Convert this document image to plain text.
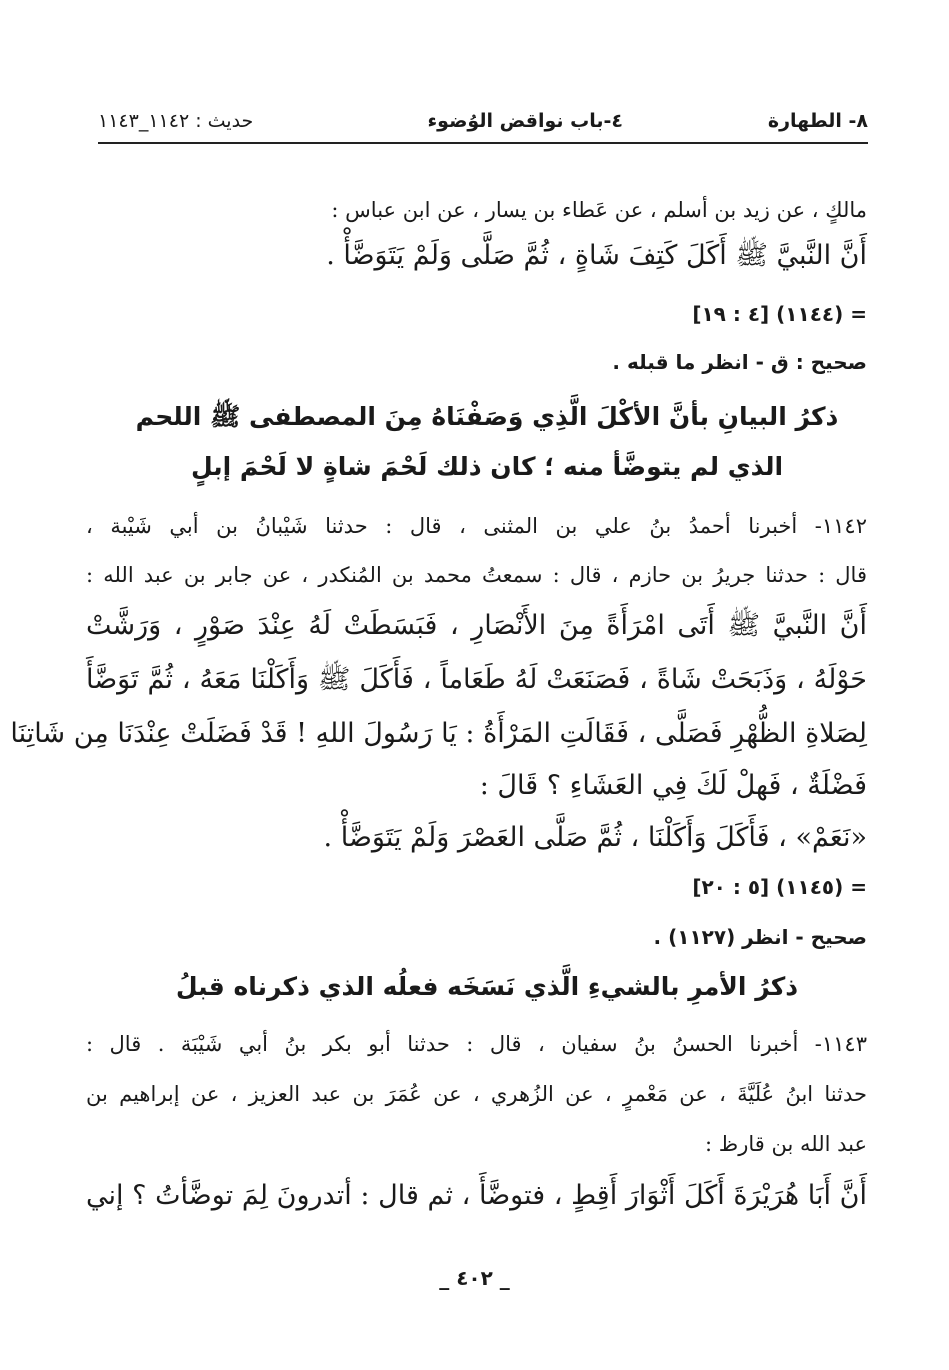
٨- الطهارة
٤-باب نواقض الوُضوء
حديث : ١١٤٢_١١٤٣
مالكٍ ، عن زيد بن أسلم ، عن عَطاء بن يسار ، عن ابن عباس :
أَنَّ النَّبيَّ ﷺ أَكَلَ كَتِفَ شَاةٍ ، ثُمَّ صَلَّى وَلَمْ يَتَوَضَّأْ .
= (١١٤٤) [٤ : ١٩]
صحيح : ق - انظر ما قبله .
ذكرُ البيانِ بأنَّ الأكْلَ الَّذِي وَصَفْنَاهُ مِنَ المصطفى ﷺ اللحم
الذي لم يتوضَّأ منه ؛ كان ذلك لَحْمَ شاةٍ لا لَحْمَ إبلٍ
١١٤٢- أخبرنا أحمدُ بنُ علي بن المثنى ، قال : حدثنا شَيْبانُ بن أبي شَيْبة ،
قال : حدثنا جريرُ بن حازم ، قال : سمعتُ محمد بن المُنكدر ، عن جابر بن عبد الله :
أَنَّ النَّبيَّ ﷺ أَتَى امْرَأَةً مِنَ الأَنْصَارِ ، فَبَسَطَتْ لَهُ عِنْدَ صَوْرٍ ، وَرَشَّتْ
حَوْلَهُ ، وَذَبَحَتْ شَاةً ، فَصَنَعَتْ لَهُ طَعَاماً ، فَأَكَلَ ﷺ وَأَكَلْنَا مَعَهُ ، ثُمَّ تَوَضَّأَ
لِصَلاةِ الظُّهْرِ فَصَلَّى ، فَقَالَتِ المَرْأَةُ : يَا رَسُولَ اللهِ ! قَدْ فَضَلَتْ عِنْدَنَا مِن شَاتِنَا
فَضْلَةٌ ، فَهلْ لَكَ فِي العَشَاءِ ؟ قَالَ :
«نَعَمْ» ، فَأَكَلَ وَأَكَلْنَا ، ثُمَّ صَلَّى العَصْرَ وَلَمْ يَتَوَضَّأْ .
= (١١٤٥) [٥ : ٢٠]
صحيح - انظر (١١٢٧) .
ذكرُ الأمرِ بالشيءِ الَّذي نَسَخَه فعلُه الذي ذكرناه قبلُ
١١٤٣- أخبرنا الحسنُ بنُ سفيان ، قال : حدثنا أبو بكر بنُ أبي شَيْبَة . قال :
حدثنا ابنُ عُلَيَّةَ ، عن مَعْمرٍ ، عن الزُهري ، عن عُمَرَ بن عبد العزيز ، عن إبراهيم بن
عبد الله بن قارظ :
أَنَّ أَبَا هُرَيْرَةَ أَكَلَ أَثْوَارَ أَقِطٍ ، فتوضَّأَ ، ثم قال : أتدرونَ لِمَ توضَّأتُ ؟ إني
_ ٤٠٢ _
